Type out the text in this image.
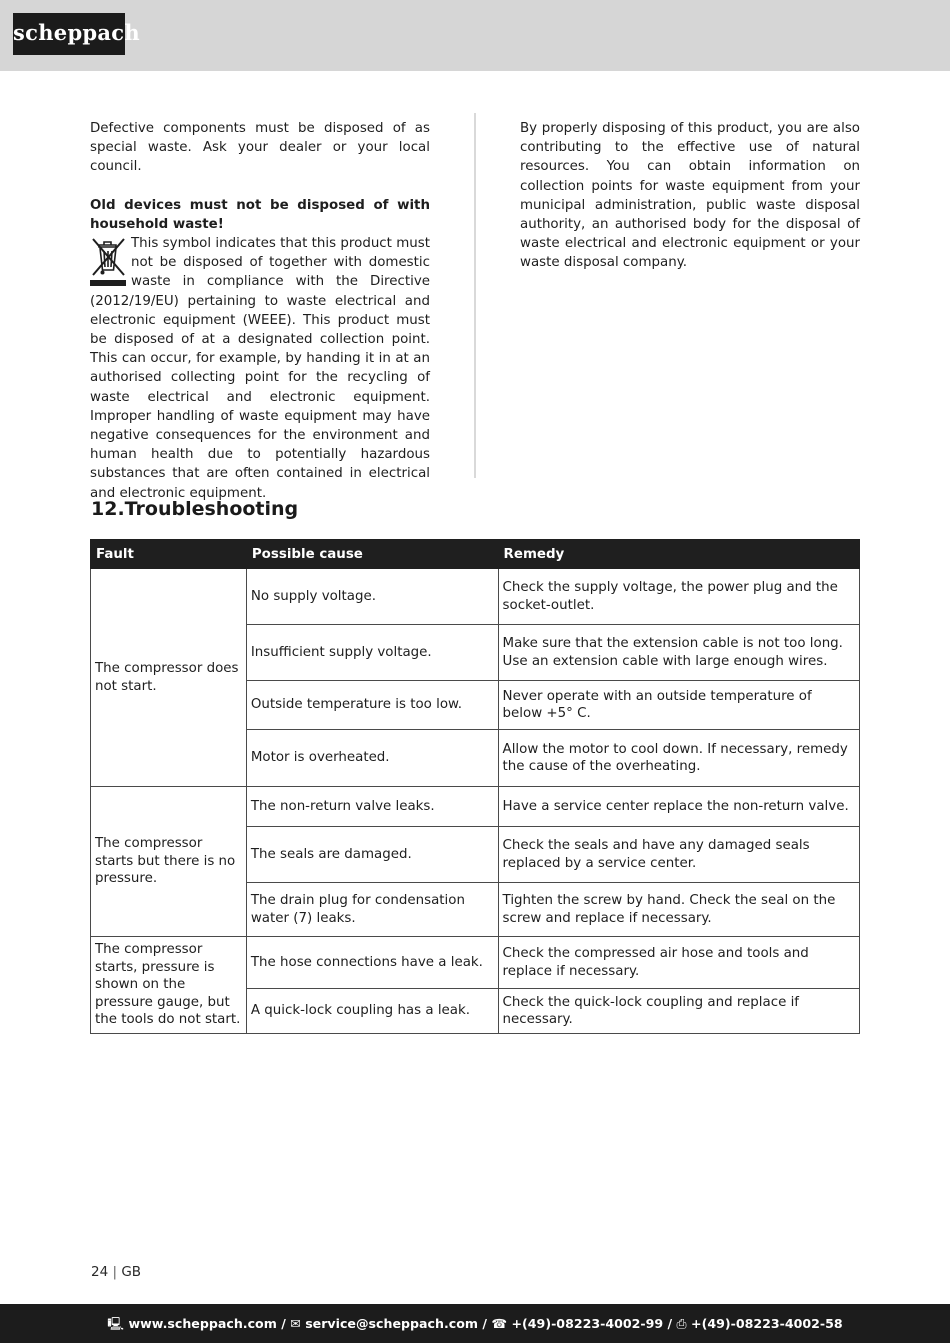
scheppach

Defective components must be disposed of as special waste. Ask your dealer or your local council.

Old devices must not be disposed of with household waste!

This symbol indicates that this product must not be disposed of together with domestic waste in compliance with the Directive (2012/19/EU) pertaining to waste electrical and electronic equipment (WEEE). This product must be disposed of at a designated collection point. This can occur, for example, by handing it in at an authorised collecting point for the recycling of waste electrical and electronic equipment. Improper handling of waste equipment may have negative consequences for the environment and human health due to potentially hazardous substances that are often contained in electrical and electronic equipment.

By properly disposing of this product, you are also contributing to the effective use of natural resources. You can obtain information on collection points for waste equipment from your municipal administration, public waste disposal authority, an authorised body for the disposal of waste electrical and electronic equipment or your waste disposal company.

12.Troubleshooting
Fault	Possible cause	Remedy
The compressor does not start.	No supply voltage.	Check the supply voltage, the power plug and the socket-outlet.
	Insufficient supply voltage.	Make sure that the extension cable is not too long. Use an extension cable with large enough wires.
	Outside temperature is too low.	Never operate with an outside temperature of below +5° C.
	Motor is overheated.	Allow the motor to cool down. If necessary, remedy the cause of the overheating.
The compressor starts but there is no pressure.	The non-return valve leaks.	Have a service center replace the non-return valve.
	The seals are damaged.	Check the seals and have any damaged seals replaced by a service center.
	The drain plug for condensation water (7) leaks.	Tighten the screw by hand. Check the seal on the screw and replace if necessary.
The compressor starts, pressure is shown on the pressure gauge, but the tools do not start.	The hose connections have a leak.	Check the compressed air hose and tools and replace if necessary.
	A quick-lock coupling has a leak.	Check the quick-lock coupling and replace if necessary.
24 | GB
🖳 www.scheppach.com / ✉ service@scheppach.com / ☎ +(49)-08223-4002-99 / ⎙ +(49)-08223-4002-58
